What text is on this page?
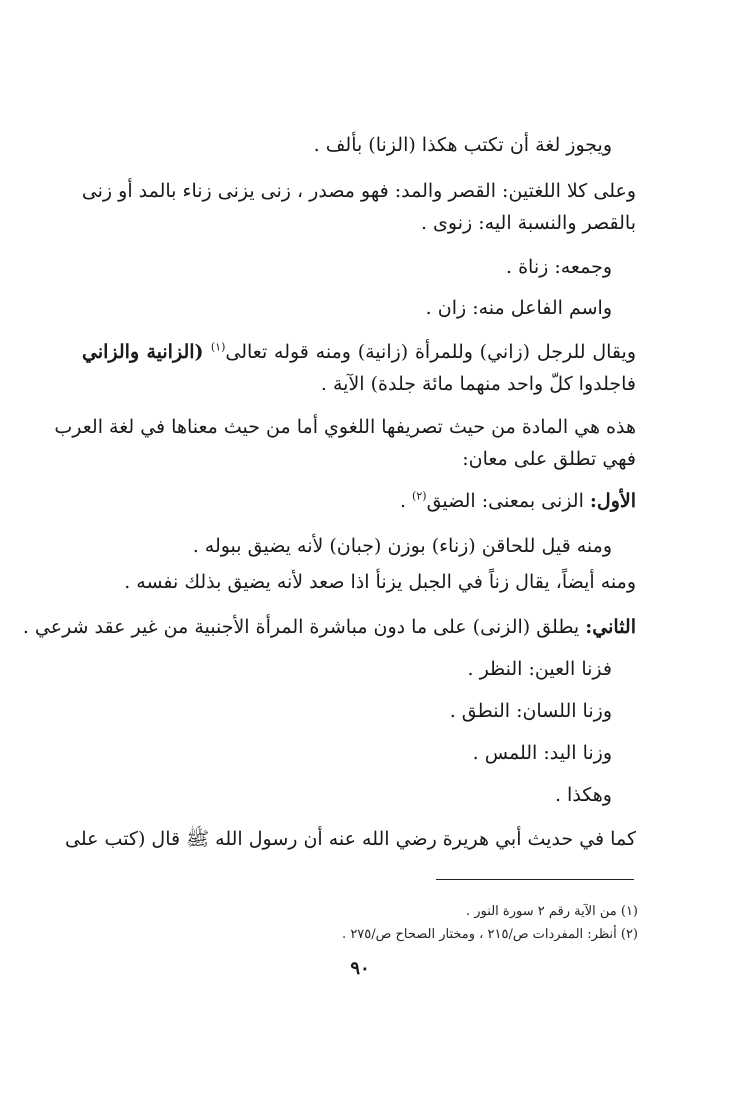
ويجوز لغة أن تكتب هكذا (الزنا) بألف .
وعلى كلا اللغتين: القصر والمد: فهو مصدر ، زنى يزنى زناء بالمد أو زنى
بالقصر والنسبة اليه: زنوى .
وجمعه: زناة .
واسم الفاعل منه: زان .
ويقال للرجل (زاني) وللمرأة (زانية) ومنه قوله تعالى$^{(١)}$ (الزانية والزاني
فاجلدوا كلّ واحد منهما مائة جلدة) الآية .
هذه هي المادة من حيث تصريفها اللغوي أما من حيث معناها في لغة العرب
فهي تطلق على معان:
الأول: الزنى بمعنى: الضيق$^{(٢)}$ .
ومنه قيل للحاقن (زناء) بوزن (جبان) لأنه يضيق ببوله .
ومنه أيضاً، يقال زناً في الجبل يزنأ اذا صعد لأنه يضيق بذلك نفسه .
الثاني: يطلق (الزنى) على ما دون مباشرة المرأة الأجنبية من غير عقد شرعي .
فزنا العين: النظر .
وزنا اللسان: النطق .
وزنا اليد: اللمس .
وهكذا .
كما في حديث أبي هريرة رضي الله عنه أن رسول الله ﷺ قال (كتب على
(١) من الآية رقم ٢ سورة النور .
(٢) أنظر: المفردات ص/٢١٥ ، ومختار الصحاح ص/٢٧٥ .
٩٠
